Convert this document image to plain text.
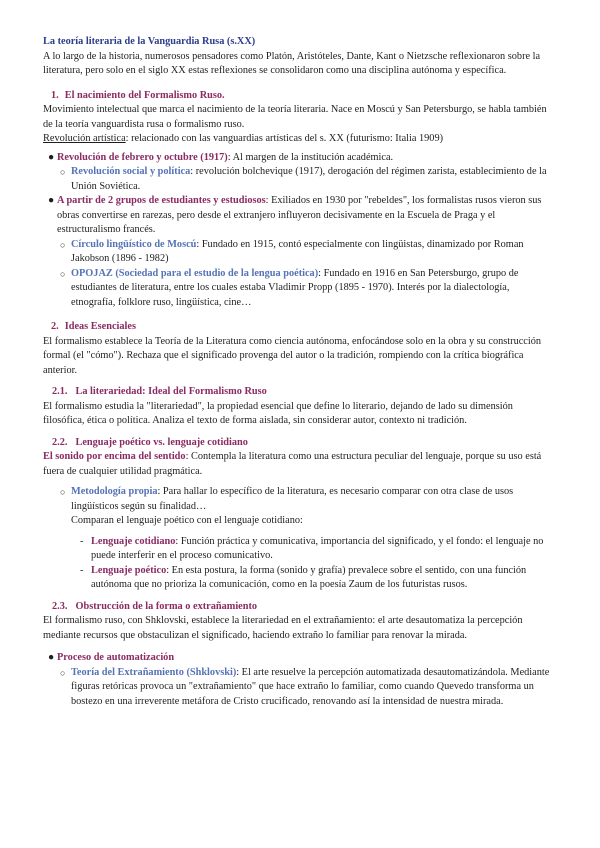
La teoría literaria de la Vanguardia Rusa (s.XX)

A lo largo de la historia, numerosos pensadores como Platón, Aristóteles, Dante, Kant o Nietzsche reflexionaron sobre la literatura, pero solo en el siglo XX estas reflexiones se consolidaron como una disciplina autónoma y específica.

1. El nacimiento del Formalismo Ruso.

Movimiento intelectual que marca el nacimiento de la teoría literaria. Nace en Moscú y San Petersburgo, se habla también de la teoría vanguardista rusa o formalismo ruso.

Revolución artística: relacionado con las vanguardias artísticas del s. XX (futurismo: Italia 1909)

● Revolución de febrero y octubre (1917): Al margen de la institución académica.
○ Revolución social y política: revolución bolchevique (1917), derogación del régimen zarista, establecimiento de la Unión Soviética.
● A partir de 2 grupos de estudiantes y estudiosos: Exiliados en 1930 por "rebeldes", los formalistas rusos vieron sus obras convertirse en rarezas, pero desde el extranjero influyeron decisivamente en la Escuela de Praga y el estructuralismo francés.
○ Círculo lingüístico de Moscú: Fundado en 1915, contó especialmente con lingüistas, dinamizado por Roman Jakobson (1896 - 1982)
○ OPOJAZ (Sociedad para el estudio de la lengua poética): Fundado en 1916 en San Petersburgo, grupo de estudiantes de literatura, entre los cuales estaba Vladimir Propp (1895 - 1970). Interés por la dialectología, etnografía, folklore ruso, lingüística, cine…
2. Ideas Esenciales

El formalismo establece la Teoría de la Literatura como ciencia autónoma, enfocándose solo en la obra y su construcción formal (el "cómo"). Rechaza que el significado provenga del autor o la tradición, rompiendo con la crítica biográfica anterior.

2.1. La literariedad: Ideal del Formalismo Ruso

El formalismo estudia la "literariedad", la propiedad esencial que define lo literario, dejando de lado su dimensión filosófica, ética o política. Analiza el texto de forma aislada, sin considerar autor, contexto ni tradición.

2.2. Lenguaje poético vs. lenguaje cotidiano

El sonido por encima del sentido: Contempla la literatura como una estructura peculiar del lenguaje, porque su uso está fuera de cualquier utilidad pragmática.

○ Metodología propia: Para hallar lo específico de la literatura, es necesario comparar con otra clase de usos lingüísticos según su finalidad…

Comparan el lenguaje poético con el lenguaje cotidiano:

- Lenguaje cotidiano: Función práctica y comunicativa, importancia del significado, y el fondo: el lenguaje no puede interferir en el proceso comunicativo.
- Lenguaje poético: En esta postura, la forma (sonido y grafía) prevalece sobre el sentido, con una función autónoma que no prioriza la comunicación, como en la poesía Zaum de los futuristas rusos.
2.3. Obstrucción de la forma o extrañamiento

El formalismo ruso, con Shklovski, establece la literariedad en el extrañamiento: el arte desautomatiza la percepción mediante recursos que obstaculizan el significado, haciendo extraño lo familiar para renovar la mirada.

● Proceso de automatización
○ Teoría del Extrañamiento (Shklovski): El arte resuelve la percepción automatizada desautomatizándola. Mediante figuras retóricas provoca un "extrañamiento" que hace extraño lo familiar, como cuando Quevedo transforma un bostezo en una irreverente metáfora de Cristo crucificado, renovando así la intensidad de nuestra mirada.
